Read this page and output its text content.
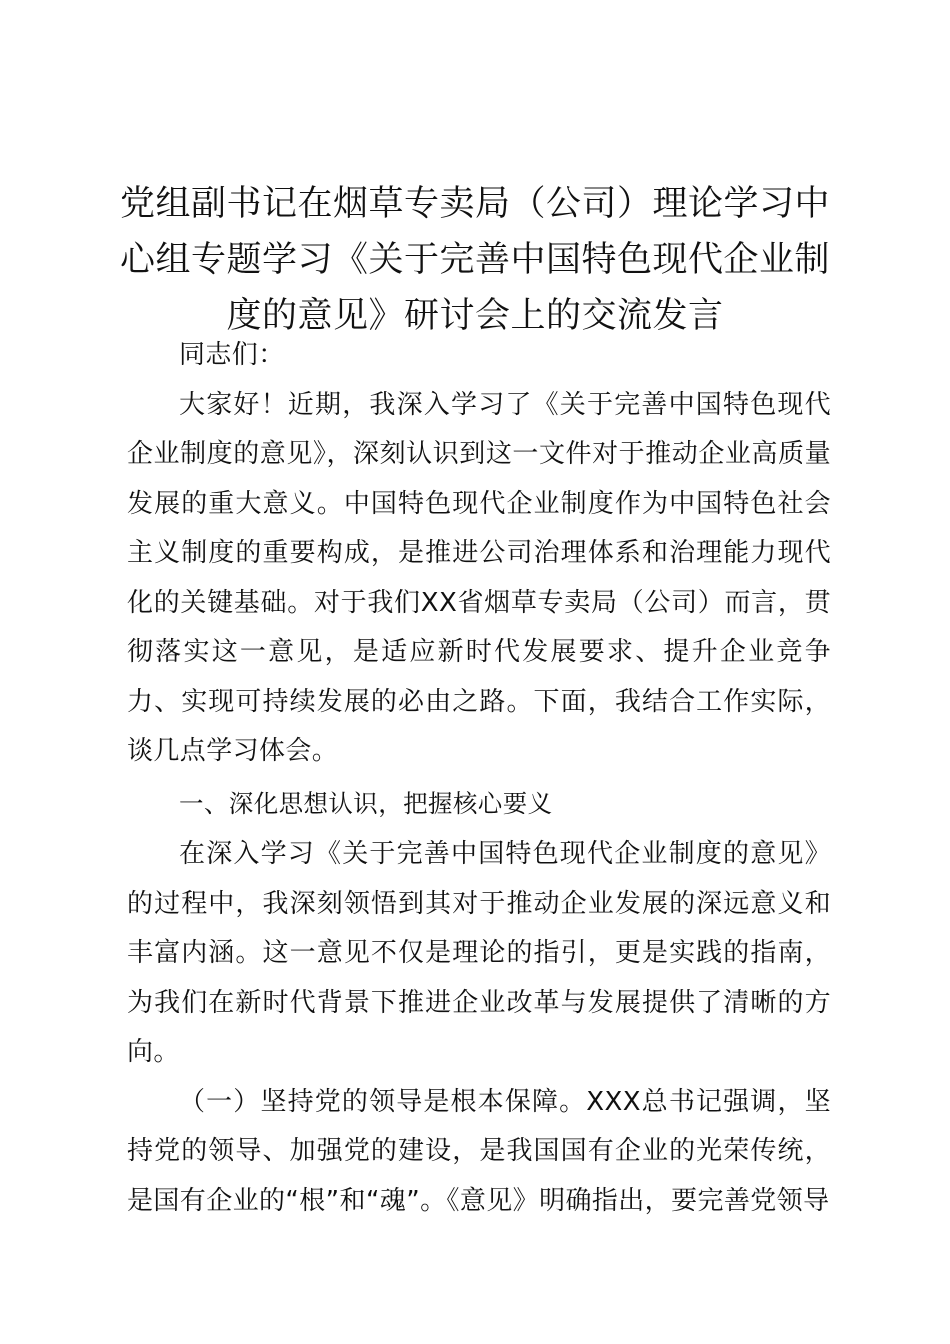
党组副书记在烟草专卖局（公司）理论学习中心组专题学习《关于完善中国特色现代企业制度的意见》研讨会上的交流发言

同志们：

大家好！近期，我深入学习了《关于完善中国特色现代企业制度的意见》，深刻认识到这一文件对于推动企业高质量发展的重大意义。中国特色现代企业制度作为中国特色社会主义制度的重要构成，是推进公司治理体系和治理能力现代化的关键基础。对于我们XX省烟草专卖局（公司）而言，贯彻落实这一意见，是适应新时代发展要求、提升企业竞争力、实现可持续发展的必由之路。下面，我结合工作实际，谈几点学习体会。

一、深化思想认识，把握核心要义

在深入学习《关于完善中国特色现代企业制度的意见》的过程中，我深刻领悟到其对于推动企业发展的深远意义和丰富内涵。这一意见不仅是理论的指引，更是实践的指南，为我们在新时代背景下推进企业改革与发展提供了清晰的方向。

（一）坚持党的领导是根本保障。XXX总书记强调，坚持党的领导、加强党的建设，是我国国有企业的光荣传统，是国有企业的“根”和“魂”。《意见》明确指出，要完善党领导
